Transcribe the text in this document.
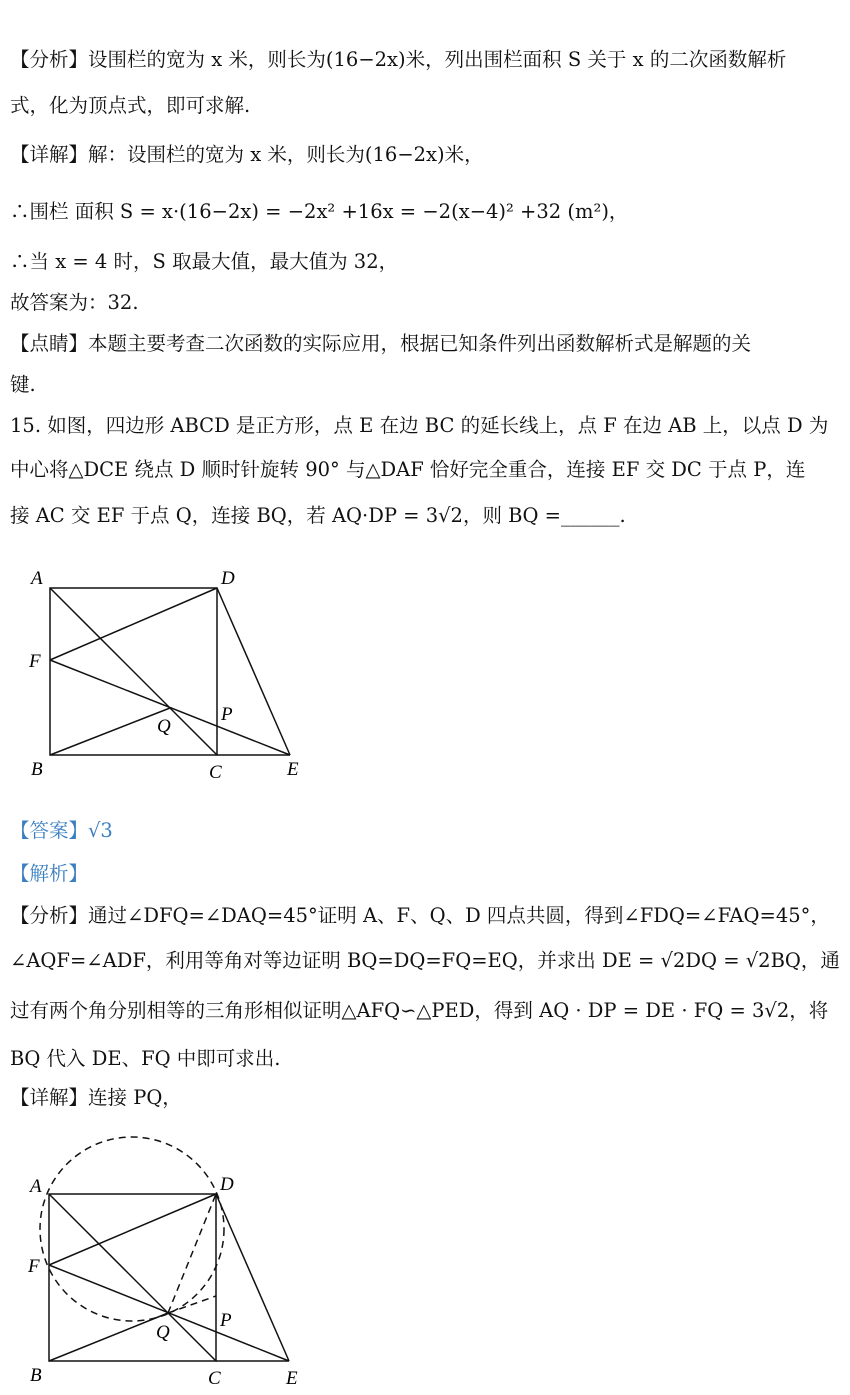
【分析】设围栏的宽为 x 米，则长为(16−2x)米，列出围栏面积 S 关于 x 的二次函数解析
式，化为顶点式，即可求解.
【详解】解：设围栏的宽为 x 米，则长为(16−2x)米，
∴围栏 面积 S = x·(16−2x) = −2x² +16x = −2(x−4)² +32 (m²)，
∴当 x = 4 时，S 取最大值，最大值为 32，
故答案为：32.
【点睛】本题主要考查二次函数的实际应用，根据已知条件列出函数解析式是解题的关
键.
15. 如图，四边形 ABCD 是正方形，点 E 在边 BC 的延长线上，点 F 在边 AB 上，以点 D 为
中心将△DCE 绕点 D 顺时针旋转 90° 与△DAF 恰好完全重合，连接 EF 交 DC 于点 P，连
接 AC 交 EF 于点 Q，连接 BQ，若 AQ·DP = 3√2，则 BQ =______.
A
B	C
D
E
F
P
Q
【答案】√3
【解析】
【分析】通过∠DFQ=∠DAQ=45°证明 A、F、Q、D 四点共圆，得到∠FDQ=∠FAQ=45°，
∠AQF=∠ADF，利用等角对等边证明 BQ=DQ=FQ=EQ，并求出 DE = √2DQ = √2BQ，通
过有两个角分别相等的三角形相似证明△AFQ∽△PED，得到 AQ · DP = DE · FQ = 3√2，将
BQ 代入 DE、FQ 中即可求出.
【详解】连接 PQ，
A
B	C
D
E
F
P
Q
